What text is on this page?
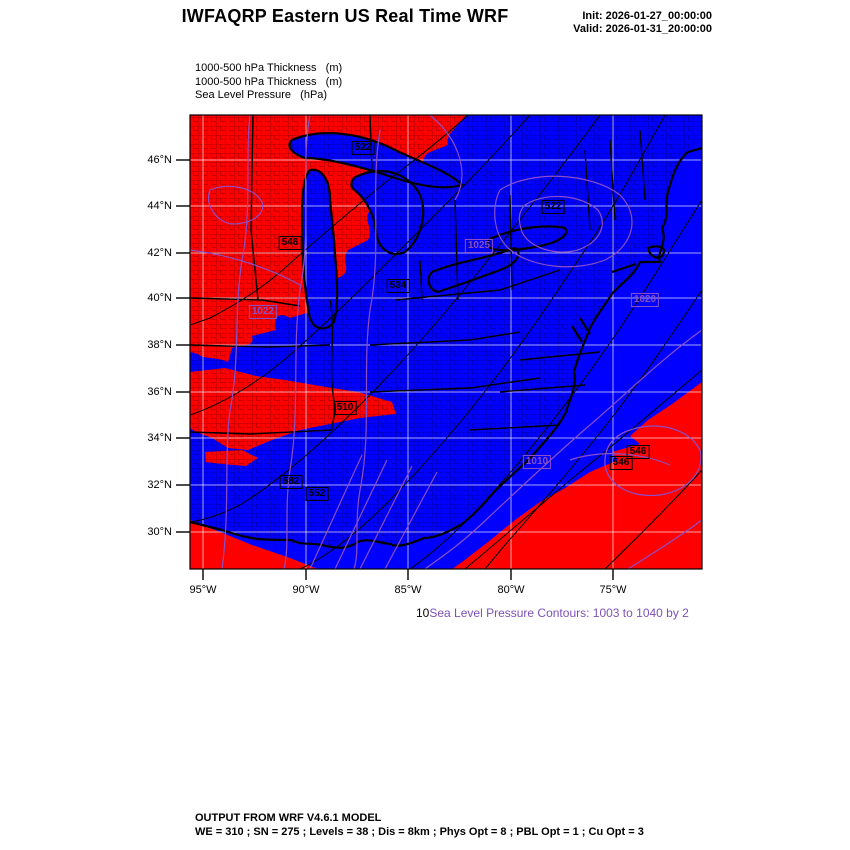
IWFAQRP Eastern US Real Time WRF	Init: 2026-01-27_00:00:00
Valid: 2026-01-31_20:00:00
1000-500 hPa Thickness   (m)
1000-500 hPa Thickness   (m)
Sea Level Pressure   (hPa)
46°N
44°N
42°N
40°N
38°N
36°N
34°N
32°N
30°N
95°W	90°W	85°W	80°W	75°W
546
522
522
534
510
582
552
546
546
1025
1022
1010
1020
10Sea Level Pressure Contours: 1003 to 1040 by 2
OUTPUT FROM WRF V4.6.1 MODEL
WE = 310 ; SN = 275 ; Levels = 38 ; Dis = 8km ; Phys Opt = 8 ; PBL Opt = 1 ; Cu Opt = 3
